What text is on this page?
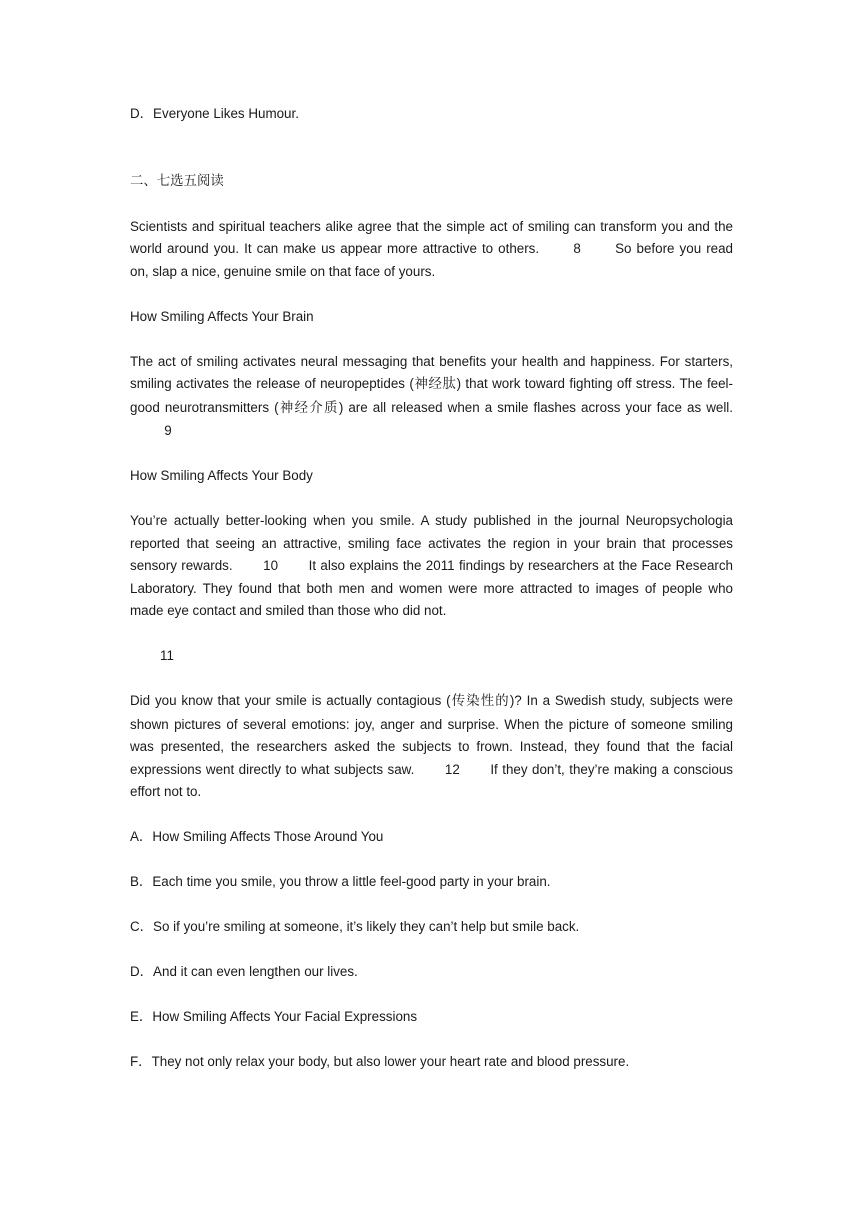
D．Everyone Likes Humour.

二、七选五阅读

Scientists and spiritual teachers alike agree that the simple act of smiling can transform you and the world around you. It can make us appear more attractive to others.	8	So before you read on, slap a nice, genuine smile on that face of yours.

How Smiling Affects Your Brain

The act of smiling activates neural messaging that benefits your health and happiness. For starters, smiling activates the release of neuropeptides (神经肽) that work toward fighting off stress. The feel-good neurotransmitters (神经介质) are all released when a smile flashes across your face as well.9

How Smiling Affects Your Body

You’re actually better-looking when you smile. A study published in the journal Neuropsychologia reported that seeing an attractive, smiling face activates the region in your brain that processes sensory rewards. 10 It also explains the 2011 findings by researchers at the Face Research Laboratory. They found that both men and women were more attracted to images of people who made eye contact and smiled than those who did not.

11

Did you know that your smile is actually contagious (传染性的)? In a Swedish study, subjects were shown pictures of several emotions: joy, anger and surprise. When the picture of someone smiling was presented, the researchers asked the subjects to frown. Instead, they found that the facial expressions went directly to what subjects saw. 12 If they don’t, they’re making a conscious effort not to.

A．How Smiling Affects Those Around You

B．Each time you smile, you throw a little feel-good party in your brain.

C．So if you’re smiling at someone, it’s likely they can’t help but smile back.

D．And it can even lengthen our lives.

E．How Smiling Affects Your Facial Expressions

F．They not only relax your body, but also lower your heart rate and blood pressure.
